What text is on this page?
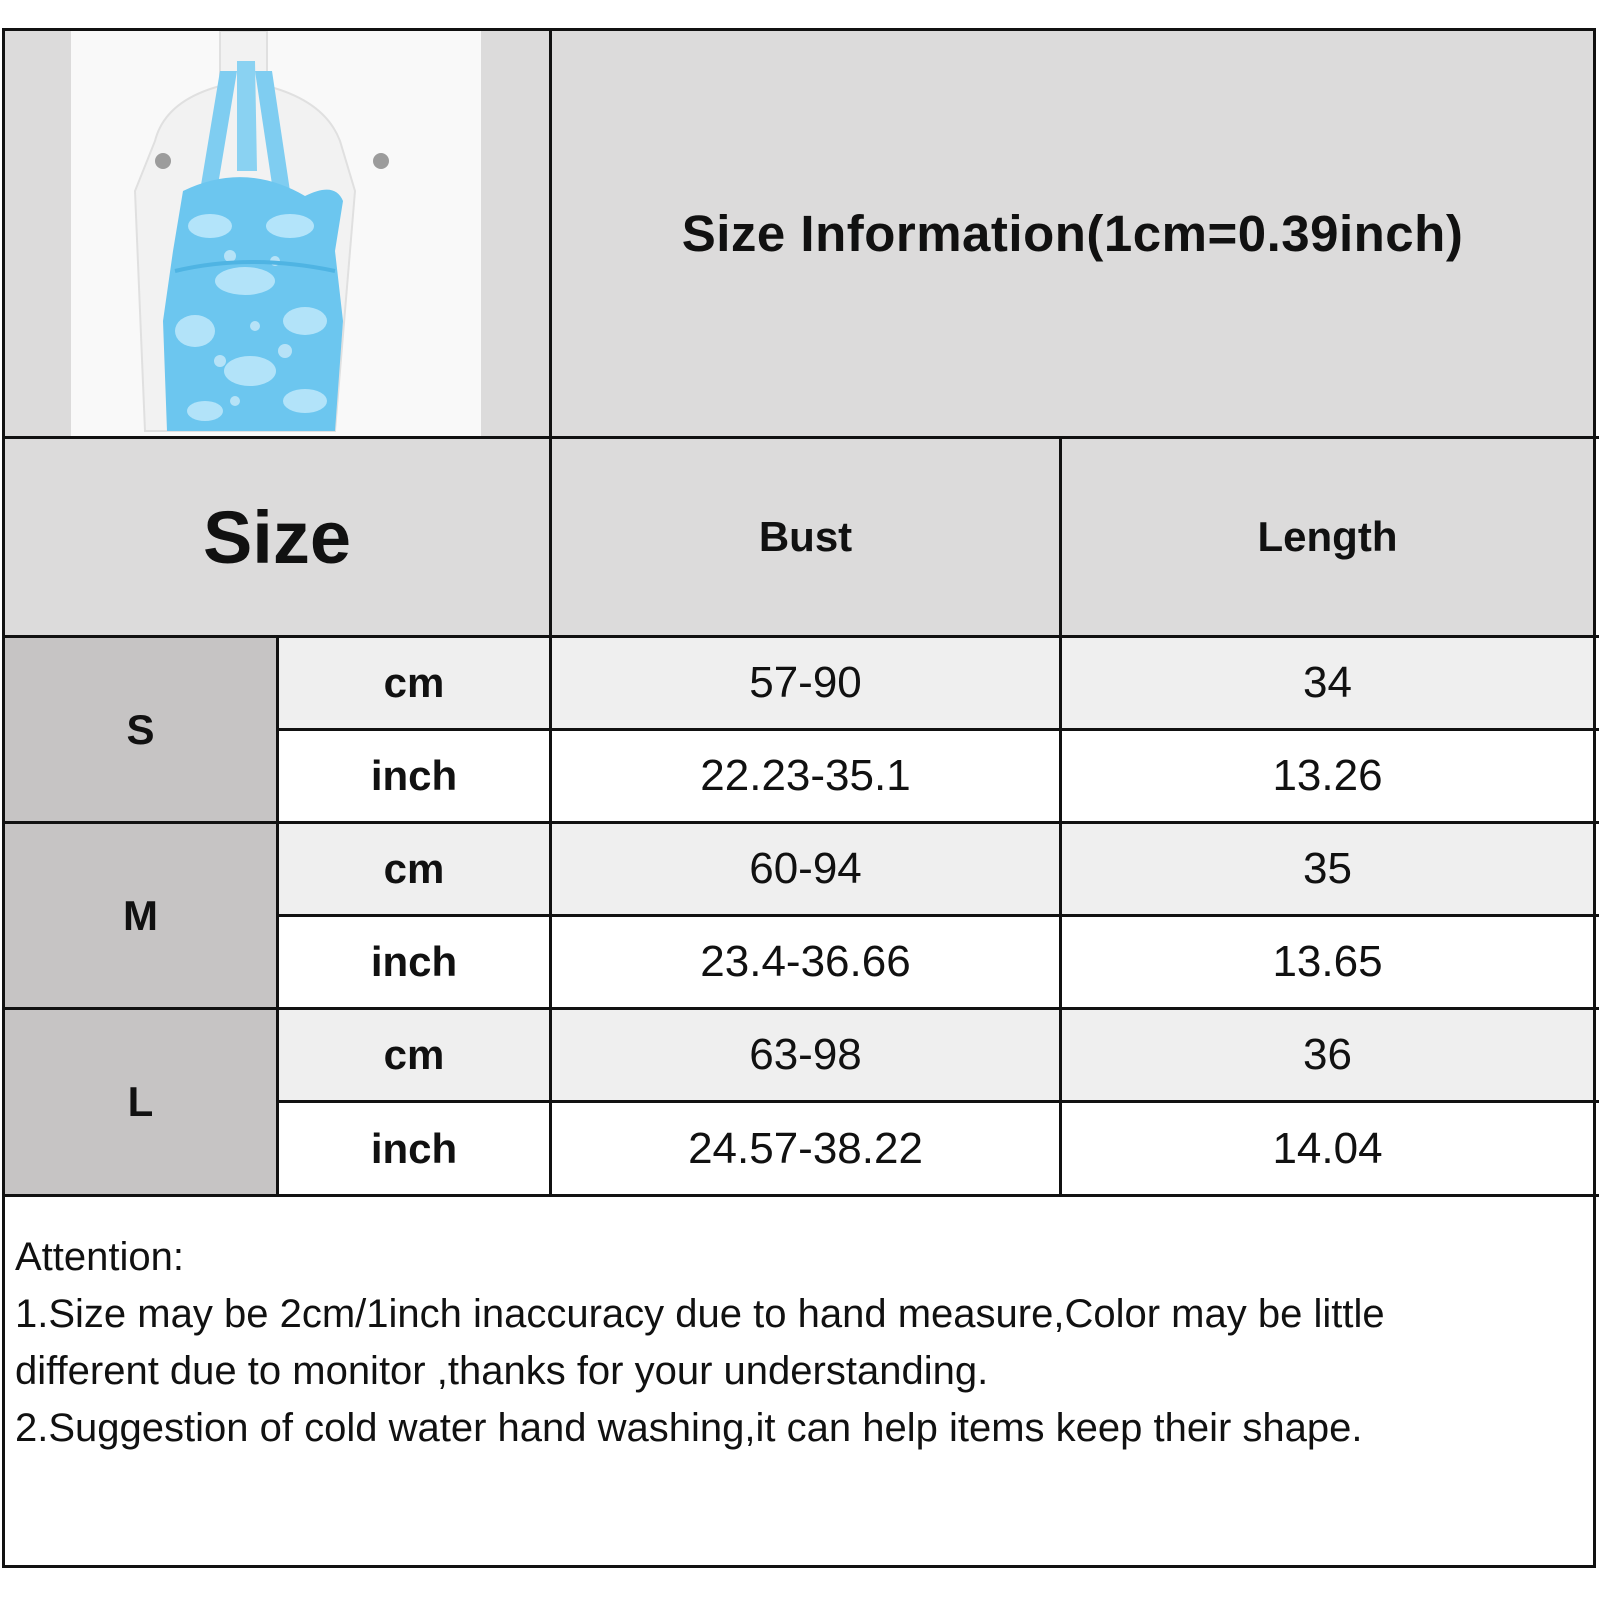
Size Information(1cm=0.39inch)
Size	Bust	Length
S
cm	57-90	34
inch	22.23-35.1	13.26
M
cm	60-94	35
inch	23.4-36.66	13.65
L
cm	63-98	36
inch	24.57-38.22	14.04
Attention:
1.Size may be 2cm/1inch inaccuracy due to hand measure,Color may be little
different due to monitor ,thanks for your understanding.
2.Suggestion of cold water hand washing,it can help items keep their shape.
